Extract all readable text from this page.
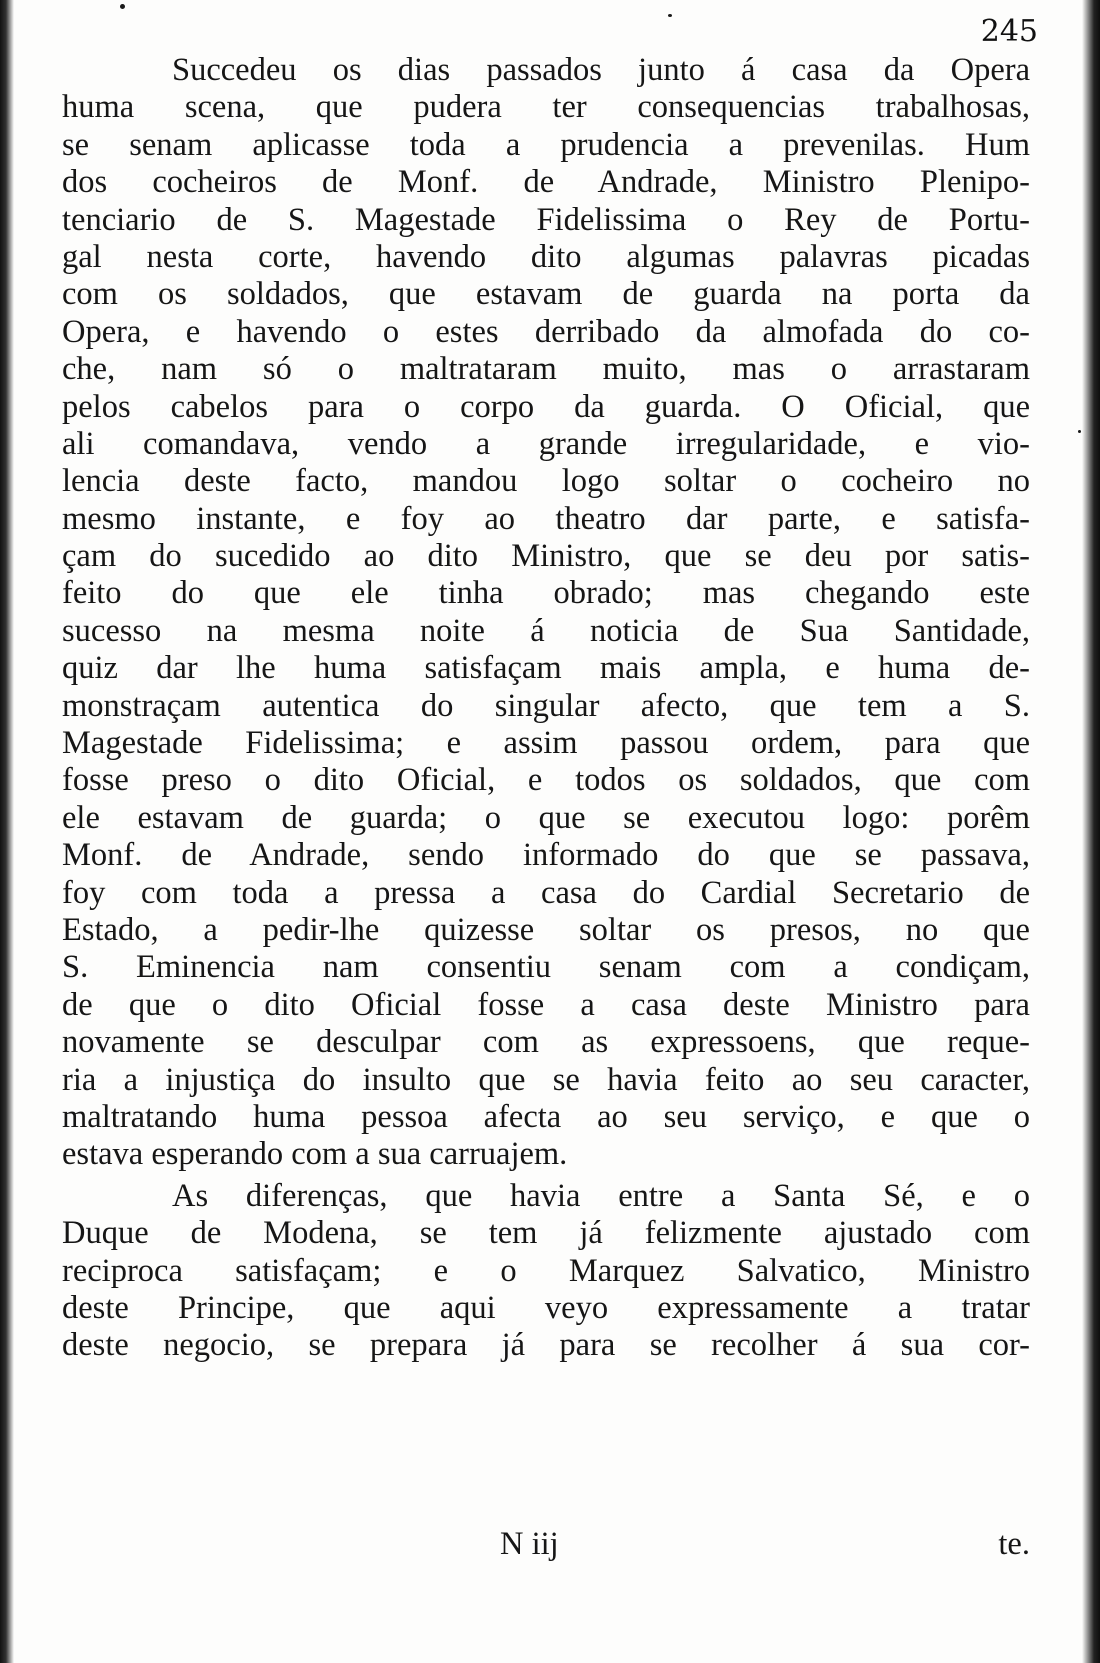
245

Succedeu os dias passados junto á casa da Opera
huma scena, que pudera ter consequencias trabalhosas,
se senam aplicasse toda a prudencia a prevenilas. Hum
dos cocheiros de Monf. de Andrade, Ministro Plenipo-
tenciario de S. Magestade Fidelissima o Rey de Portu-
gal nesta corte, havendo dito algumas palavras picadas
com os soldados, que estavam de guarda na porta da
Opera, e havendo o estes derribado da almofada do co-
che, nam só o maltrataram muito, mas o arrastaram
pelos cabelos para o corpo da guarda. O Oficial, que
ali comandava, vendo a grande irregularidade, e vio-
lencia deste facto, mandou logo soltar o cocheiro no
mesmo instante, e foy ao theatro dar parte, e satisfa-
çam do sucedido ao dito Ministro, que se deu por satis-
feito do que ele tinha obrado; mas chegando este
sucesso na mesma noite á noticia de Sua Santidade,
quiz dar lhe huma satisfaçam mais ampla, e huma de-
monstraçam autentica do singular afecto, que tem a S.
Magestade Fidelissima; e assim passou ordem, para que
fosse preso o dito Oficial, e todos os soldados, que com
ele estavam de guarda; o que se executou logo: porêm
Monf. de Andrade, sendo informado do que se passava,
foy com toda a pressa a casa do Cardial Secretario de
Estado, a pedir-lhe quizesse soltar os presos, no que
S. Eminencia nam consentiu senam com a condiçam,
de que o dito Oficial fosse a casa deste Ministro para
novamente se desculpar com as expressoens, que reque-
ria a injustiça do insulto que se havia feito ao seu caracter,
maltratando huma pessoa afecta ao seu serviço, e que o
estava esperando com a sua carruajem.
As diferenças, que havia entre a Santa Sé, e o
Duque de Modena, se tem já felizmente ajustado com
reciproca satisfaçam; e o Marquez Salvatico, Ministro
deste Principe, que aqui veyo expressamente a tratar
deste negocio, se prepara já para se recolher á sua cor-
N iij	te.
